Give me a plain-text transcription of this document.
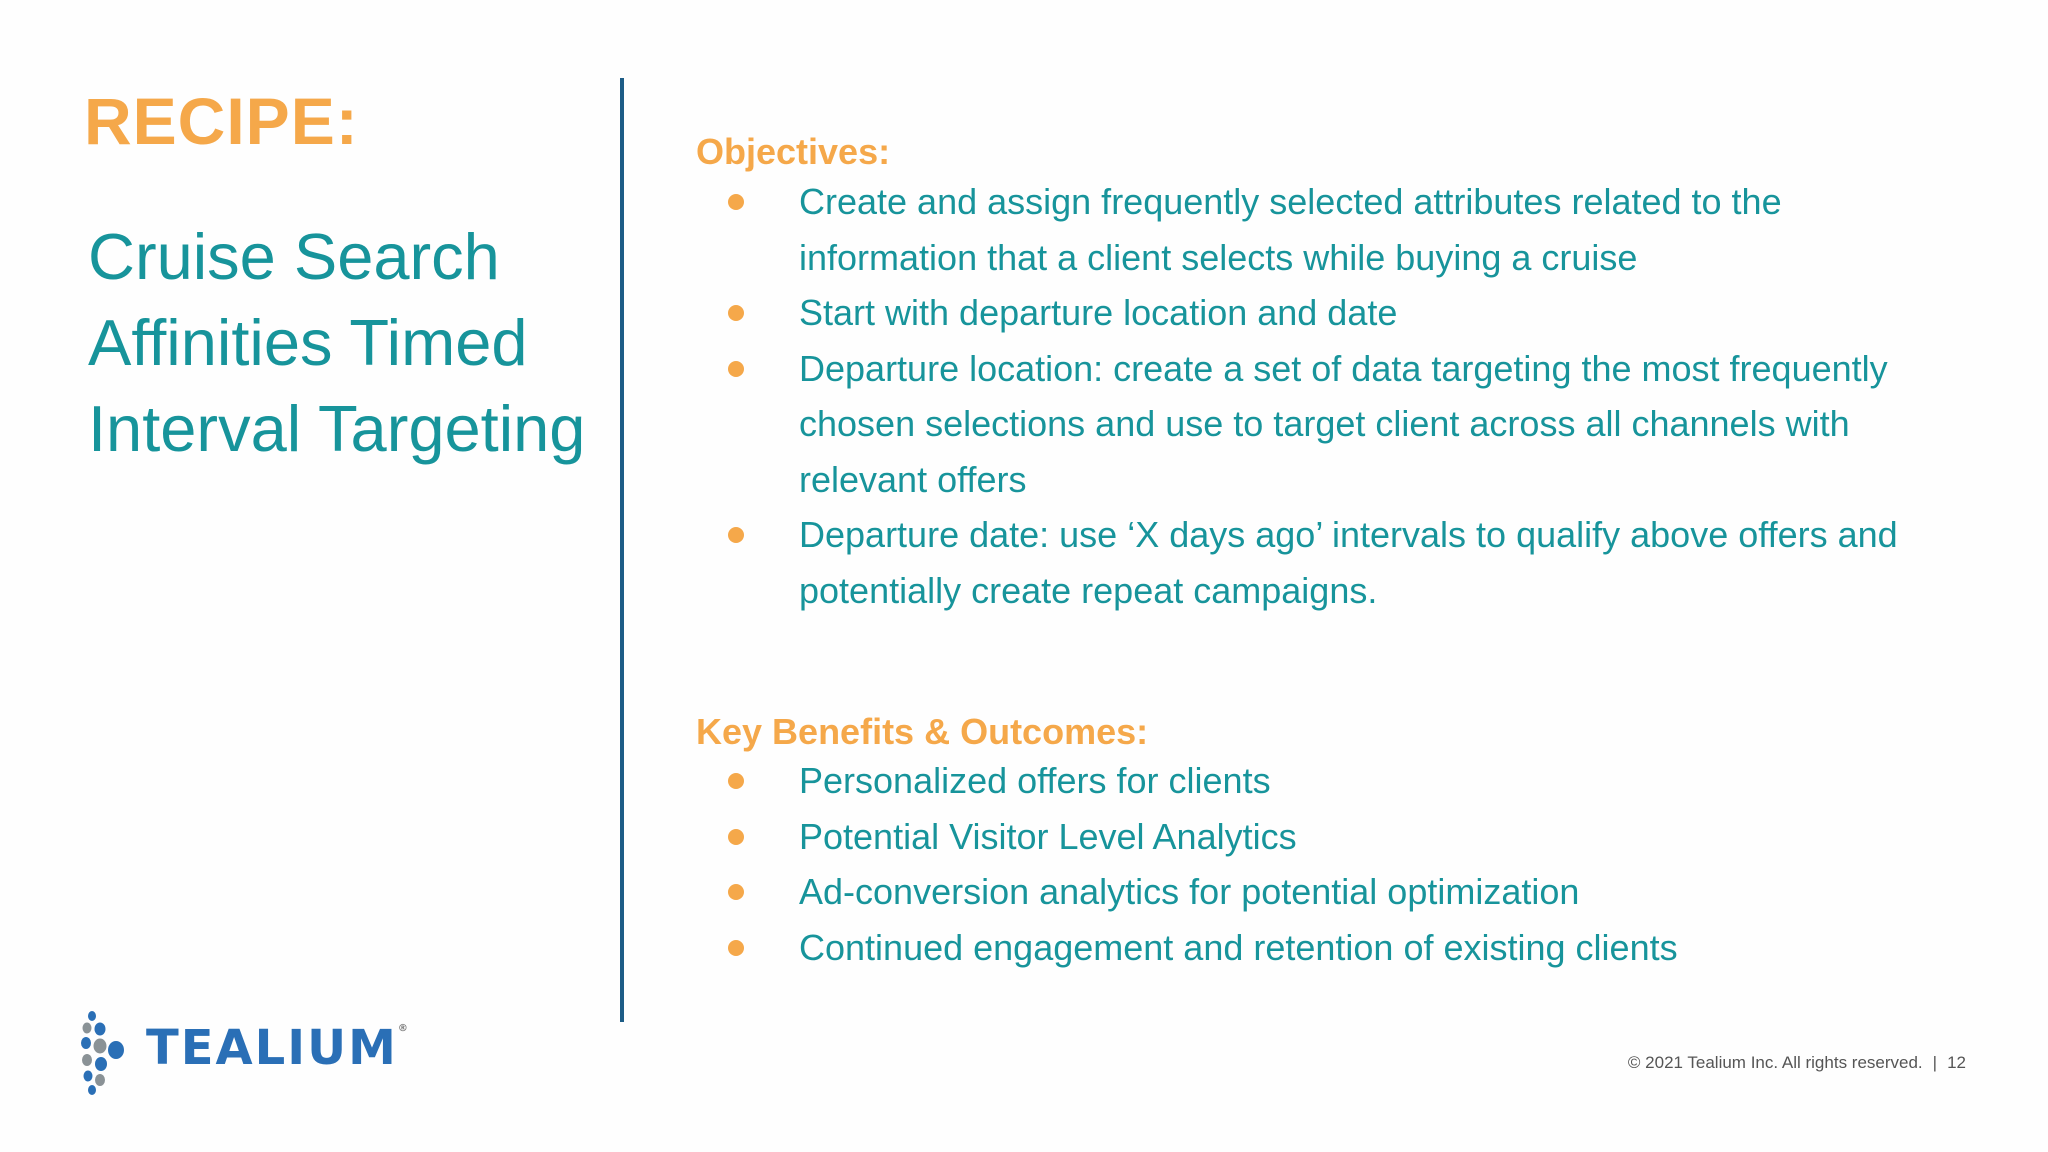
RECIPE:
Cruise Search
Affinities Timed
Interval Targeting
Objectives:
Create and assign frequently selected attributes related to the
information that a client selects while buying a cruise
Start with departure location and date
Departure location: create a set of data targeting the most frequently
chosen selections and use to target client across all channels with
relevant offers
Departure date: use ‘X days ago’ intervals to qualify above offers and
potentially create repeat campaigns.
Key Benefits & Outcomes:
Personalized offers for clients
Potential Visitor Level Analytics
Ad-conversion analytics for potential optimization
Continued engagement and retention of existing clients
TEALIUM®
© 2021 Tealium Inc. All rights reserved. | 12
